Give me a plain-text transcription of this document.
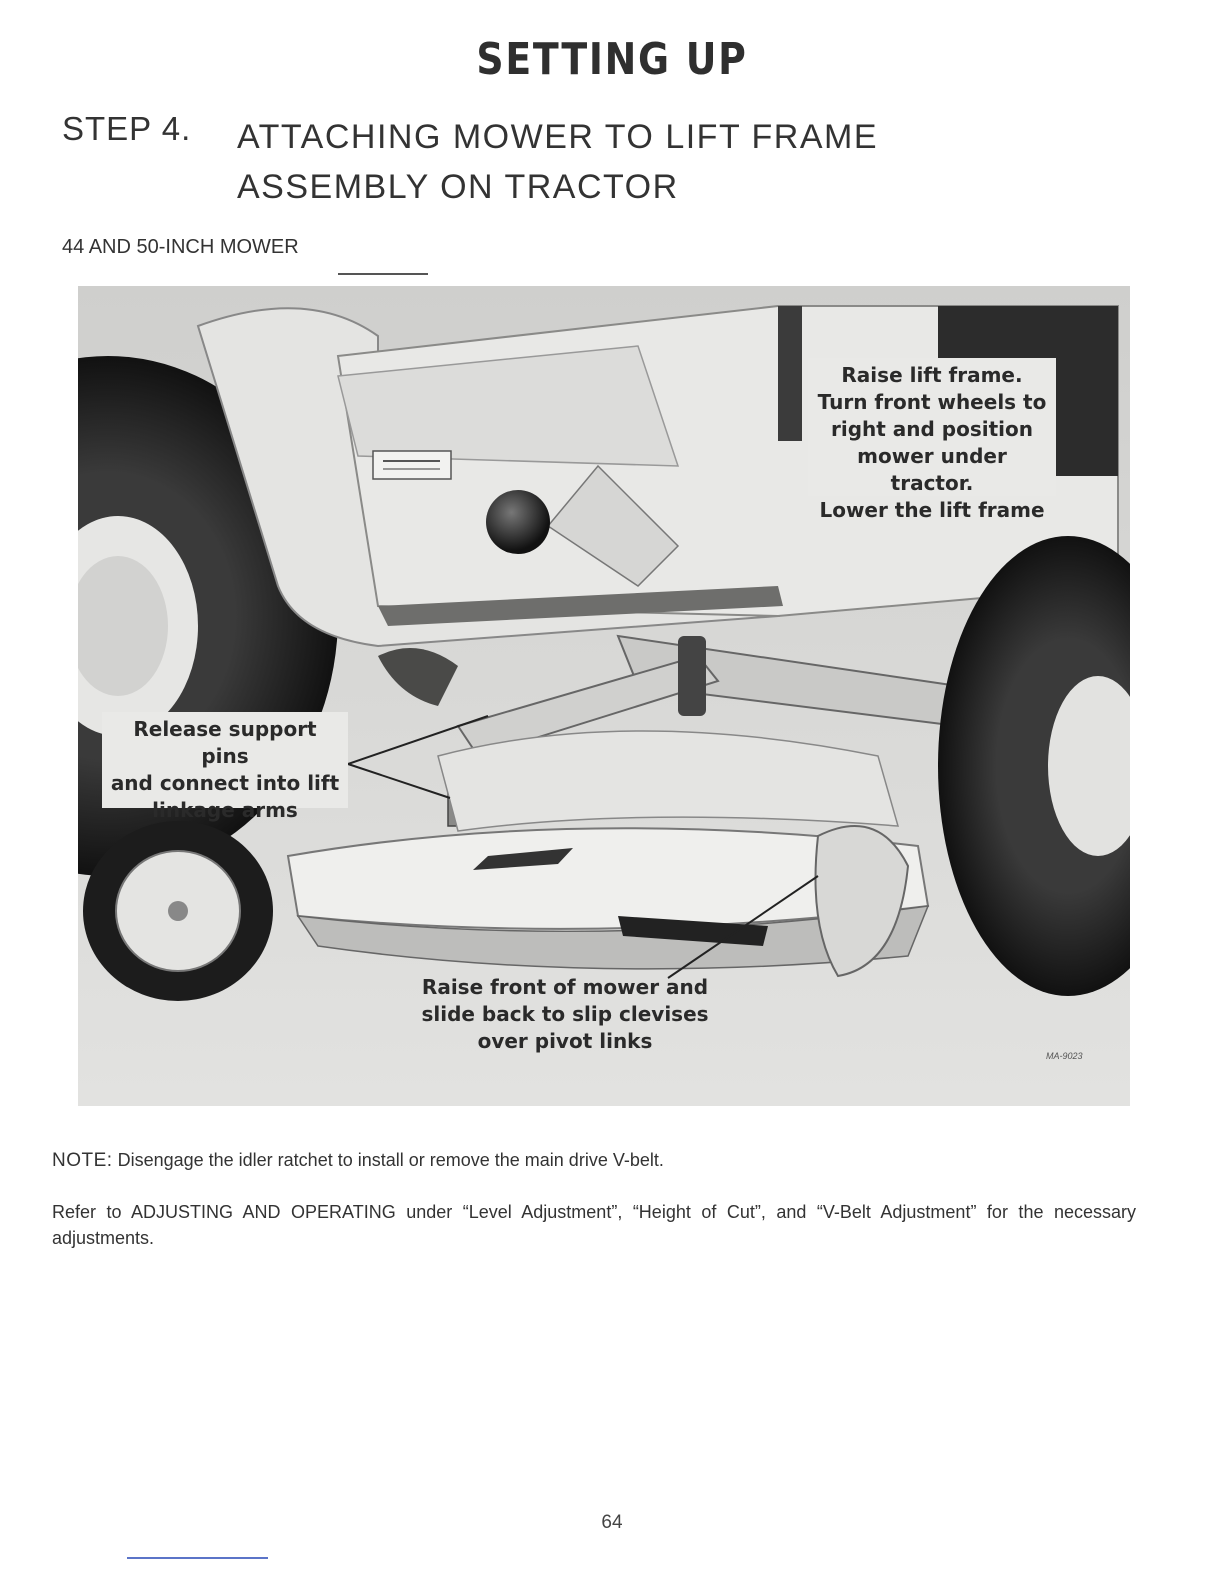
SETTING UP
STEP 4. ATTACHING MOWER TO LIFT FRAME
ASSEMBLY ON TRACTOR
44 AND 50-INCH MOWER
Raise lift frame.
Turn front wheels to
right and position
mower under tractor.
Lower the lift frame
Release support pins
and connect into lift
linkage arms
Raise front of mower and
slide back to slip clevises
over pivot links
MA-9023
NOTE: Disengage the idler ratchet to install or remove the main drive V-belt.
Refer to ADJUSTING AND OPERATING under “Level Adjustment”, “Height of Cut”, and “V-Belt Adjustment” for the necessary adjustments.
64
